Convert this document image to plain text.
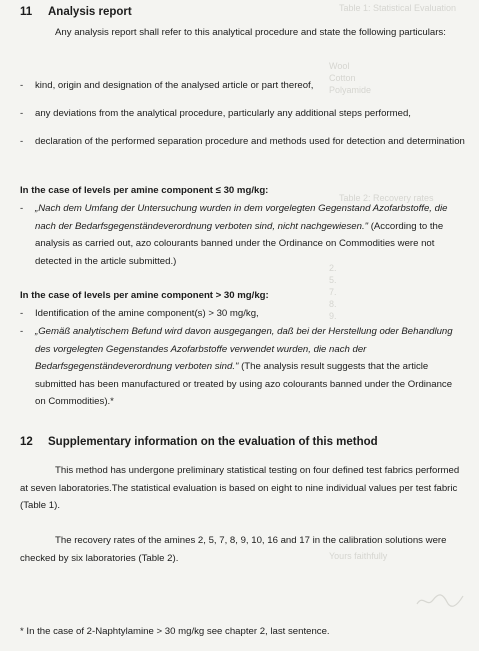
Table 1: Statistical Evaluation
Wool
Cotton
Polyamide
Table 2: Recovery rates
2.
5.
7.
8.
9.
Yours faithfully
11 Analysis report
Any analysis report shall refer to this analytical procedure and state the following particulars:
- kind, origin and designation of the analysed article or part thereof,
- any deviations from the analytical procedure, particularly any additional steps performed,
- declaration of the performed separation procedure and methods used for detection and determination
In the case of levels per amine component ≤ 30 mg/kg:
- „Nach dem Umfang der Untersuchung wurden in dem vorgelegten Gegenstand Azofarbstoffe, die nach der Bedarfsgegenständeverordnung verboten sind, nicht nachgewiesen." (According to the analysis as carried out, azo colourants banned under the Ordinance on Commodities were not detected in the article submitted.)
In the case of levels per amine component > 30 mg/kg:
- Identification of the amine component(s) > 30 mg/kg,
- „Gemäß analytischem Befund wird davon ausgegangen, daß bei der Herstellung oder Behandlung des vorgelegten Gegenstandes Azofarbstoffe verwendet wurden, die nach der Bedarfsgegenständeverordnung verboten sind." (The analysis result suggests that the article submitted has been manufactured or treated by using azo colourants banned under the Ordinance on Commodities).*
12 Supplementary information on the evaluation of this method
This method has undergone preliminary statistical testing on four defined test fabrics performed at seven laboratories.The statistical evaluation is based on eight to nine individual values per test fabric (Table 1).
The recovery rates of the amines 2, 5, 7, 8, 9, 10, 16 and 17 in the calibration solutions were checked by six laboratories (Table 2).
* In the case of 2-Naphtylamine > 30 mg/kg see chapter 2, last sentence.
